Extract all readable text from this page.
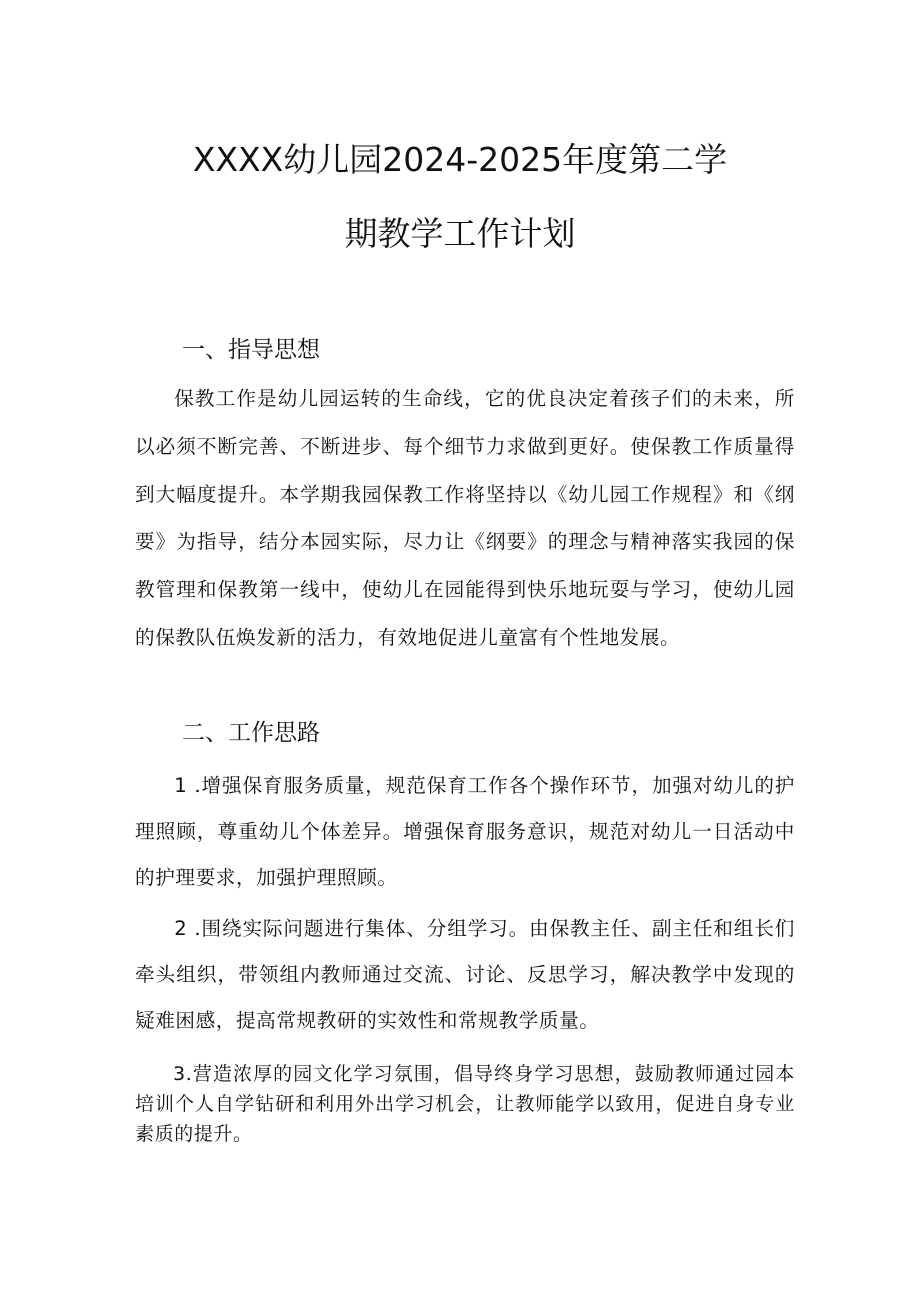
XXXX幼儿园2024-2025年度第二学
期教学工作计划
一、指导思想

保教工作是幼儿园运转的生命线，它的优良决定着孩子们的未来，所以必须不断完善、不断进步、每个细节力求做到更好。使保教工作质量得到大幅度提升。本学期我园保教工作将坚持以《幼儿园工作规程》和《纲要》为指导，结分本园实际，尽力让《纲要》的理念与精神落实我园的保教管理和保教第一线中，使幼儿在园能得到快乐地玩耍与学习，使幼儿园的保教队伍焕发新的活力，有效地促进儿童富有个性地发展。

二、工作思路

1 .增强保育服务质量，规范保育工作各个操作环节，加强对幼儿的护理照顾，尊重幼儿个体差异。增强保育服务意识，规范对幼儿一日活动中的护理要求，加强护理照顾。

2 .围绕实际问题进行集体、分组学习。由保教主任、副主任和组长们牵头组织，带领组内教师通过交流、讨论、反思学习，解决教学中发现的疑难困感，提高常规教研的实效性和常规教学质量。

3.营造浓厚的园文化学习氛围，倡导终身学习思想，鼓励教师通过园本培训个人自学钻研和利用外出学习机会，让教师能学以致用，促进自身专业素质的提升。
